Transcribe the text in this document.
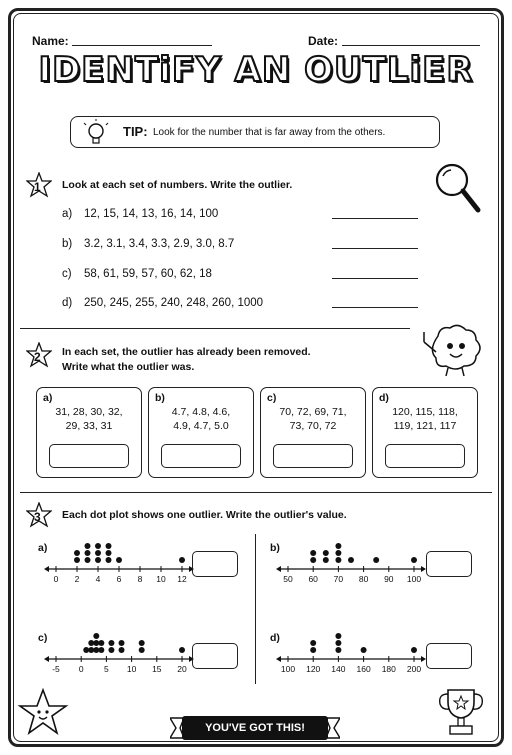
Name:	Date:
IDENTiFY AN OUTLiER
TIP: Look for the number that is far away from the others.
1 Look at each set of numbers. Write the outlier.
a) 12, 15, 14, 13, 16, 14, 100
b) 3.2, 3.1, 3.4, 3.3, 2.9, 3.0, 8.7
c) 58, 61, 59, 57, 60, 62, 18
d) 250, 245, 255, 240, 248, 260, 1000
2 In each set, the outlier has already been removed.
Write what the outlier was.
a)
31, 28, 30, 32,
29, 33, 31
b)
4.7, 4.8, 4.6,
4.9, 4.7, 5.0
c)
70, 72, 69, 71,
73, 70, 72
d)
120, 115, 118,
119, 121, 117
3 Each dot plot shows one outlier. Write the outlier's value.
a)	b)
c)	d)
0 2 4 6 8 10 12	50 60 70 80 90 100
-5 0 5 10 15 20	100 120 140 160 180 200
YOU'VE GOT THIS!
